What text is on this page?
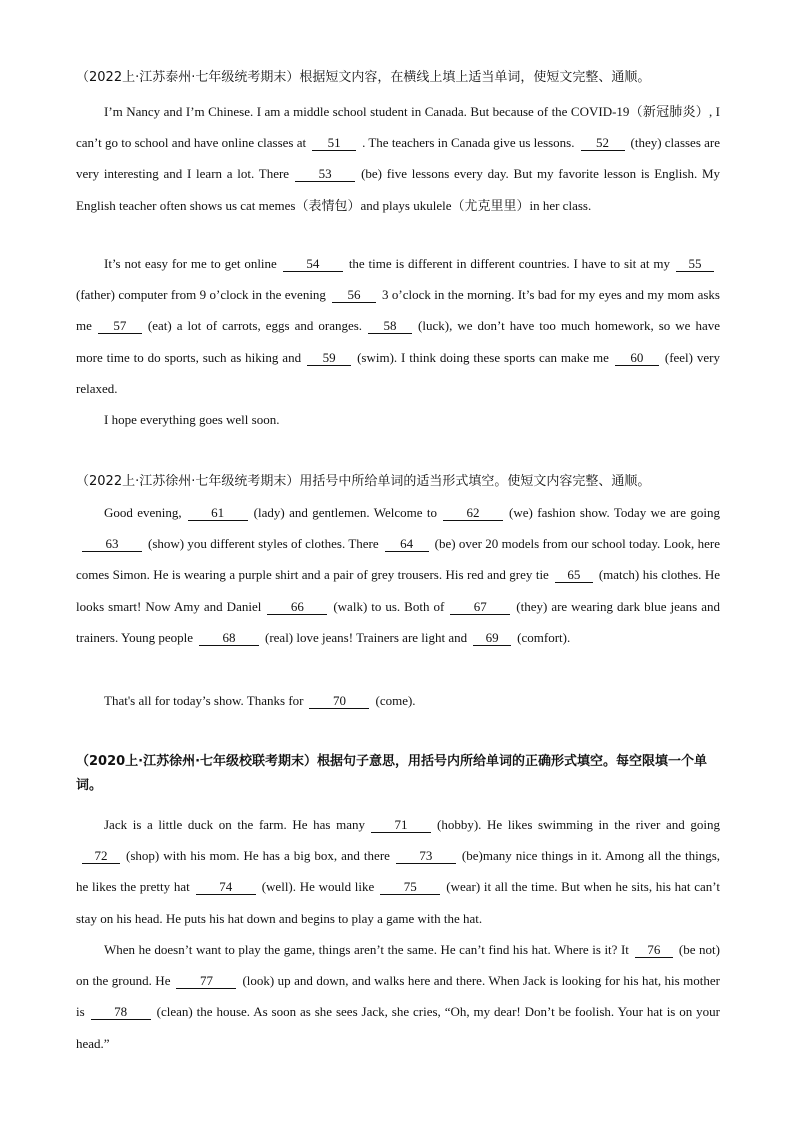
（2022上·江苏泰州·七年级统考期末）根据短文内容，在横线上填上适当单词，使短文完整、通顺。
I’m Nancy and I’m Chinese. I am a middle school student in Canada. But because of the COVID-19（新冠肺炎）, I can’t go to school and have online classes at 51 . The teachers in Canada give us lessons. 52 (they) classes are very interesting and I learn a lot. There 53 (be) five lessons every day. But my favorite lesson is English. My English teacher often shows us cat memes（表情包）and plays ukulele（尤克里里）in her class.
It’s not easy for me to get online 54 the time is different in different countries. I have to sit at my 55(father) computer from 9 o’clock in the evening 56 3 o’clock in the morning. It’s bad for my eyes and my mom asks me 57 (eat) a lot of carrots, eggs and oranges. 58 (luck), we don’t have too much homework, so we have more time to do sports, such as hiking and 59 (swim). I think doing these sports can make me 60 (feel) very relaxed.
I hope everything goes well soon.
（2022上·江苏徐州·七年级统考期末）用括号中所给单词的适当形式填空。使短文内容完整、通顺。
Good evening, 61 (lady) and gentlemen. Welcome to 62 (we) fashion show. Today we are going63 (show) you different styles of clothes. There 64 (be) over 20 models from our school today. Look, here comes Simon. He is wearing a purple shirt and a pair of grey trousers. His red and grey tie 65 (match) his clothes. He looks smart! Now Amy and Daniel 66 (walk) to us. Both of 67 (they) are wearing dark blue jeans and trainers. Young people 68 (real) love jeans! Trainers are light and 69 (comfort).
That's all for today’s show. Thanks for 70 (come).
（2020上·江苏徐州·七年级校联考期末）根据句子意思，用括号内所给单词的正确形式填空。每空限填一个单词。
Jack is a little duck on the farm. He has many 71 (hobby). He likes swimming in the river and going72 (shop) with his mom. He has a big box, and there 73 (be)many nice things in it. Among all the things, he likes the pretty hat 74 (well). He would like 75 (wear) it all the time. But when he sits, his hat can’t stay on his head. He puts his hat down and begins to play a game with the hat.
When he doesn’t want to play the game, things aren’t the same. He can’t find his hat. Where is it? It 76 (be not) on the ground. He 77 (look) up and down, and walks here and there. When Jack is looking for his hat, his mother is 78 (clean) the house. As soon as she sees Jack, she cries, “Oh, my dear! Don’t be foolish. Your hat is on your head.”
